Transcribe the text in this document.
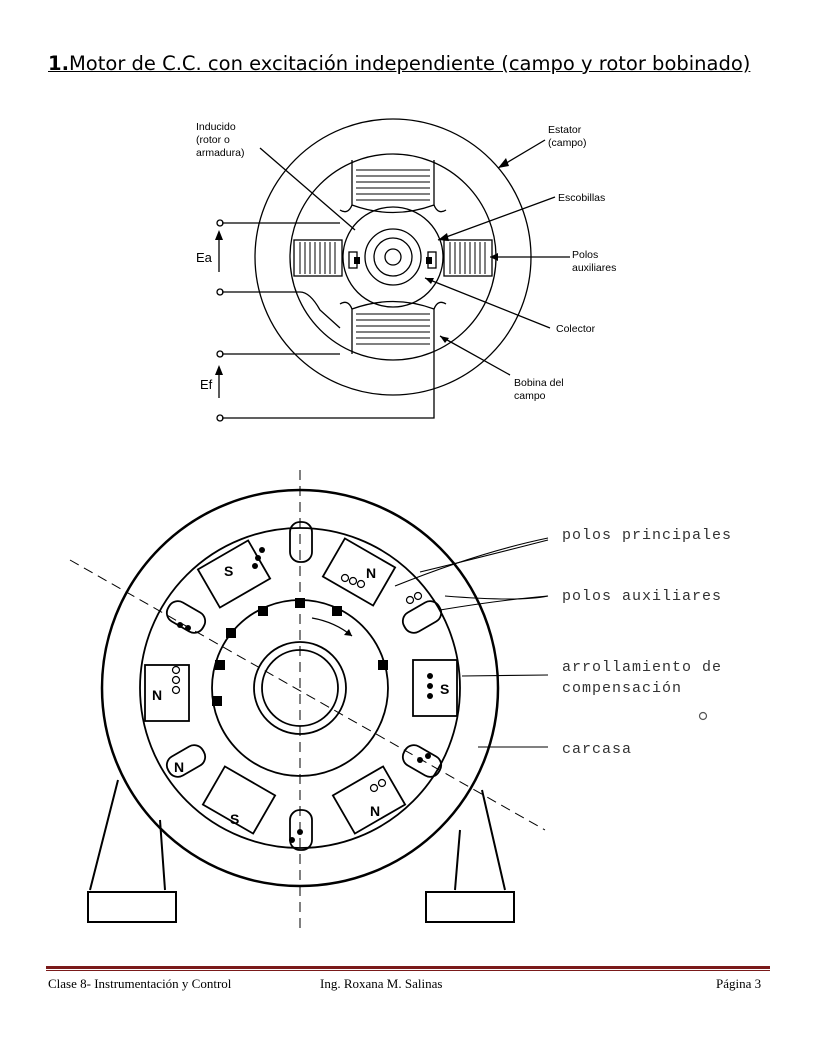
1.Motor de C.C. con excitación independiente (campo y rotor bobinado)
Inducido
(rotor o
armadura)
Estator
(campo)
Escobillas
Polos
auxiliares
Colector
Bobina del
campo
Ea
Ef
N
S
N	S
S	N
N
polos principales
polos auxiliares
arrollamiento de
compensación
carcasa
Clase 8- Instrumentación y Control	Ing. Roxana M. Salinas	Página 3
